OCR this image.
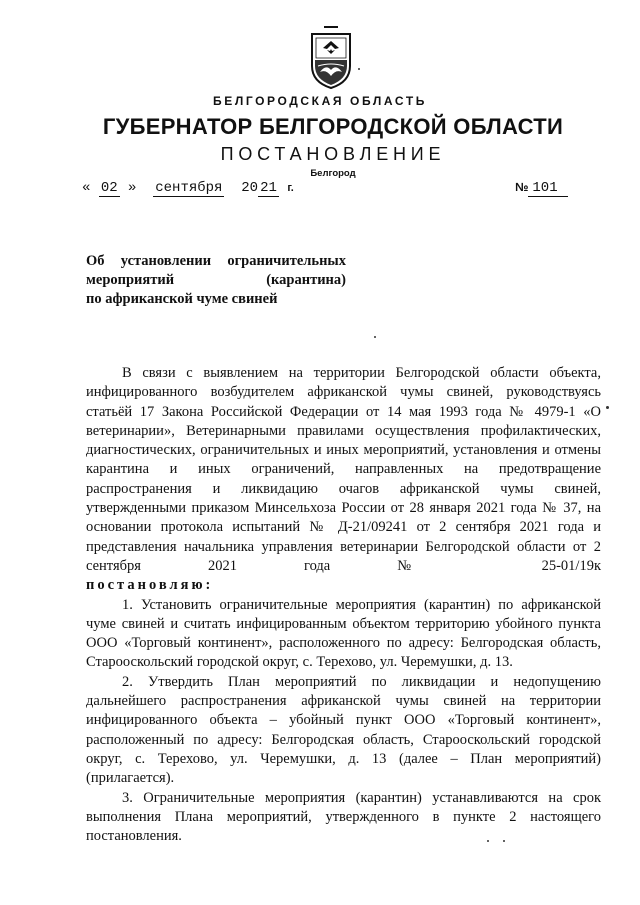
БЕЛГОРОДСКАЯ ОБЛАСТЬ
ГУБЕРНАТОР БЕЛГОРОДСКОЙ ОБЛАСТИ
ПОСТАНОВЛЕНИЕ
Белгород
« 02 » сентября 20 21 г.	№ 101
Об установлении ограничительных
мероприятий (карантина)
по африканской чуме свиней

В связи с выявлением на территории Белгородской области объекта, инфицированного возбудителем африканской чумы свиней, руководствуясь статьёй 17 Закона Российской Федерации от 14 мая 1993 года № 4979-1 «О ветеринарии», Ветеринарными правилами осуществления профилактических, диагностических, ограничительных и иных мероприятий, установления и отмены карантина и иных ограничений, направленных на предотвращение распространения и ликвидацию очагов африканской чумы свиней, утвержденными приказом Минсельхоза России от 28 января 2021 года № 37, на основании протокола испытаний № Д-21/09241 от 2 сентября 2021 года и представления начальника управления ветеринарии Белгородской области от 2 сентября 2021 года № 25-01/19к

постановляю:

1. Установить ограничительные мероприятия (карантин) по африканской чуме свиней и считать инфицированным объектом территорию убойного пункта ООО «Торговый континент», расположенного по адресу: Белгородская область, Старооскольский городской округ, с. Терехово, ул. Черемушки, д. 13.

2. Утвердить План мероприятий по ликвидации и недопущению дальнейшего распространения африканской чумы свиней на территории инфицированного объекта – убойный пункт ООО «Торговый континент», расположенный по адресу: Белгородская область, Старооскольский городской округ, с. Терехово, ул. Черемушки, д. 13 (далее – План мероприятий) (прилагается).

3. Ограничительные мероприятия (карантин) устанавливаются на срок выполнения Плана мероприятий, утвержденного в пункте 2 настоящего постановления.
